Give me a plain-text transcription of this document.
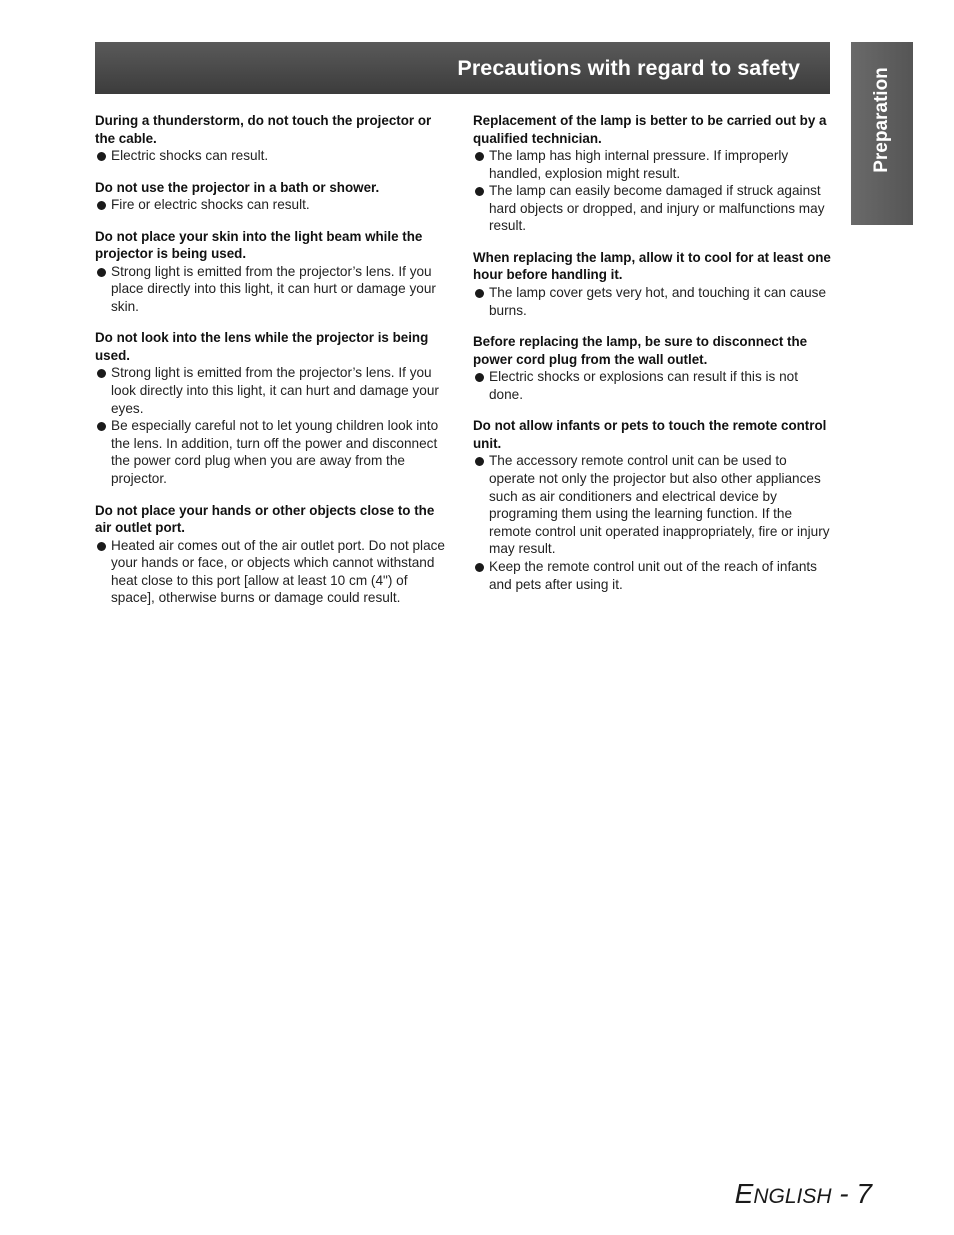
Precautions with regard to safety	Preparation

During a thunderstorm, do not touch the projector or the cable.

Electric shocks can result.

Do not use the projector in a bath or shower.

Fire or electric shocks can result.

Do not place your skin into the light beam while the projector is being used.

Strong light is emitted from the projector’s lens. If you place directly into this light, it can hurt or damage your skin.

Do not look into the lens while the projector is being used.

Strong light is emitted from the projector’s lens. If you look directly into this light, it can hurt and damage your eyes.
Be especially careful not to let young children look into the lens. In addition, turn off the power and disconnect the power cord plug when you are away from the projector.

Do not place your hands or other objects close to the air outlet port.

Heated air comes out of the air outlet port. Do not place your hands or face, or objects which cannot withstand heat close to this port [allow at least 10 cm (4") of space], otherwise burns or damage could result.

Replacement of the lamp is better to be carried out by a qualified technician.

The lamp has high internal pressure. If improperly handled, explosion might result.
The lamp can easily become damaged if struck against hard objects or dropped, and injury or malfunctions may result.

When replacing the lamp, allow it to cool for at least one hour before handling it.

The lamp cover gets very hot, and touching it can cause burns.

Before replacing the lamp, be sure to disconnect the power cord plug from the wall outlet.

Electric shocks or explosions can result if this is not done.

Do not allow infants or pets to touch the remote control unit.

The accessory remote control unit can be used to operate not only the projector but also other appliances such as air conditioners and electrical device by programing them using the learning function. If the remote control unit operated inappropriately, fire or injury may result.
Keep the remote control unit out of the reach of infants and pets after using it.
ENGLISH - 7
